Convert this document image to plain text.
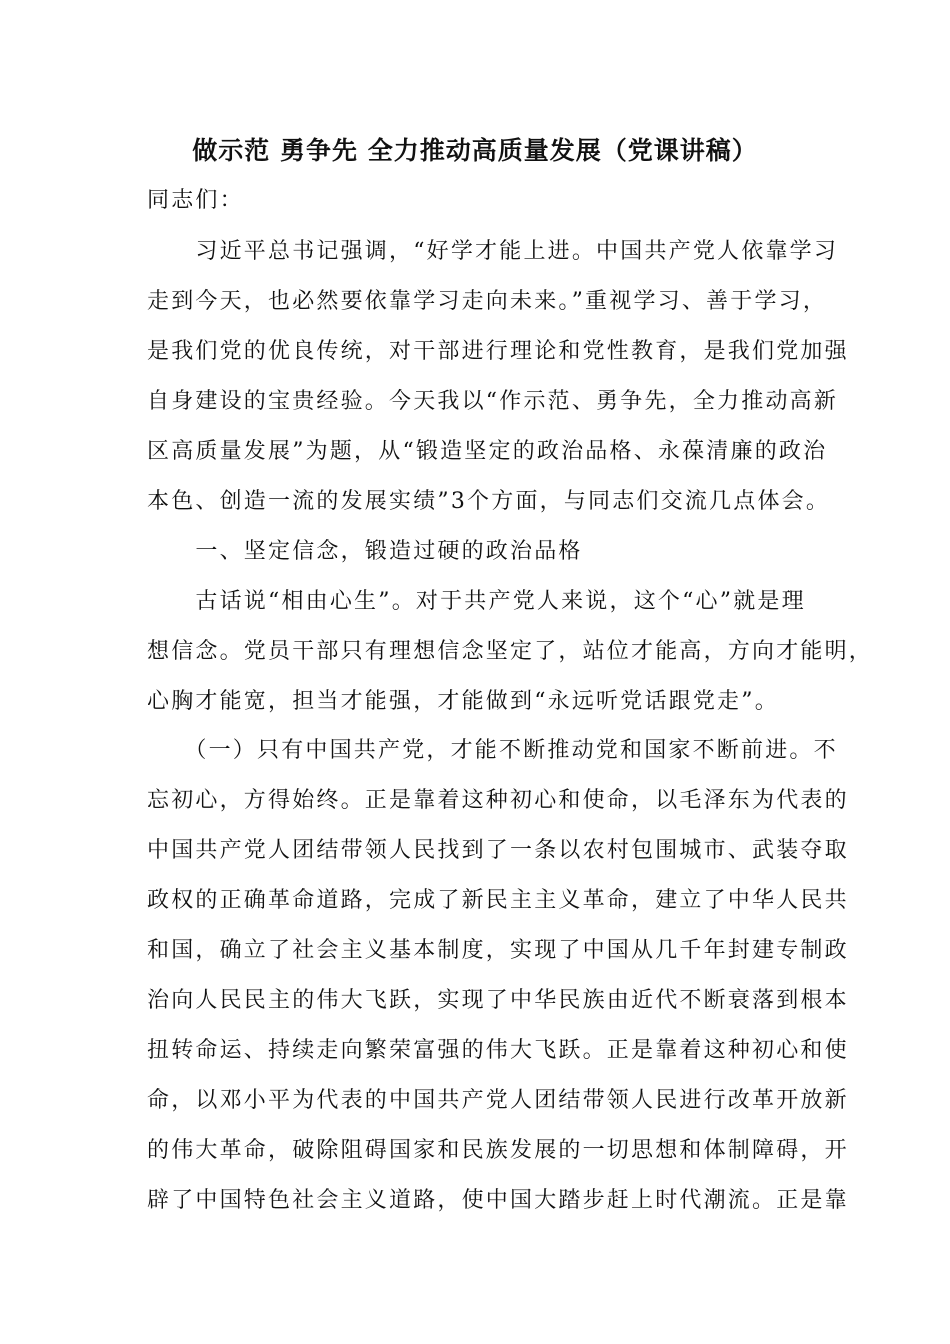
做示范 勇争先 全力推动高质量发展（党课讲稿）
同志们：
　　习近平总书记强调，“好学才能上进。中国共产党人依靠学习
走到今天，也必然要依靠学习走向未来。”重视学习、善于学习，
是我们党的优良传统，对干部进行理论和党性教育，是我们党加强
自身建设的宝贵经验。今天我以“作示范、勇争先，全力推动高新
区高质量发展”为题，从“锻造坚定的政治品格、永葆清廉的政治
本色、创造一流的发展实绩”3个方面，与同志们交流几点体会。
　　一、坚定信念，锻造过硬的政治品格
　　古话说“相由心生”。对于共产党人来说，这个“心”就是理
想信念。党员干部只有理想信念坚定了，站位才能高，方向才能明，
心胸才能宽，担当才能强，才能做到“永远听党话跟党走”。
　　（一）只有中国共产党，才能不断推动党和国家不断前进。不
忘初心，方得始终。正是靠着这种初心和使命，以毛泽东为代表的
中国共产党人团结带领人民找到了一条以农村包围城市、武装夺取
政权的正确革命道路，完成了新民主主义革命，建立了中华人民共
和国，确立了社会主义基本制度，实现了中国从几千年封建专制政
治向人民民主的伟大飞跃，实现了中华民族由近代不断衰落到根本
扭转命运、持续走向繁荣富强的伟大飞跃。正是靠着这种初心和使
命，以邓小平为代表的中国共产党人团结带领人民进行改革开放新
的伟大革命，破除阻碍国家和民族发展的一切思想和体制障碍，开
辟了中国特色社会主义道路，使中国大踏步赶上时代潮流。正是靠
